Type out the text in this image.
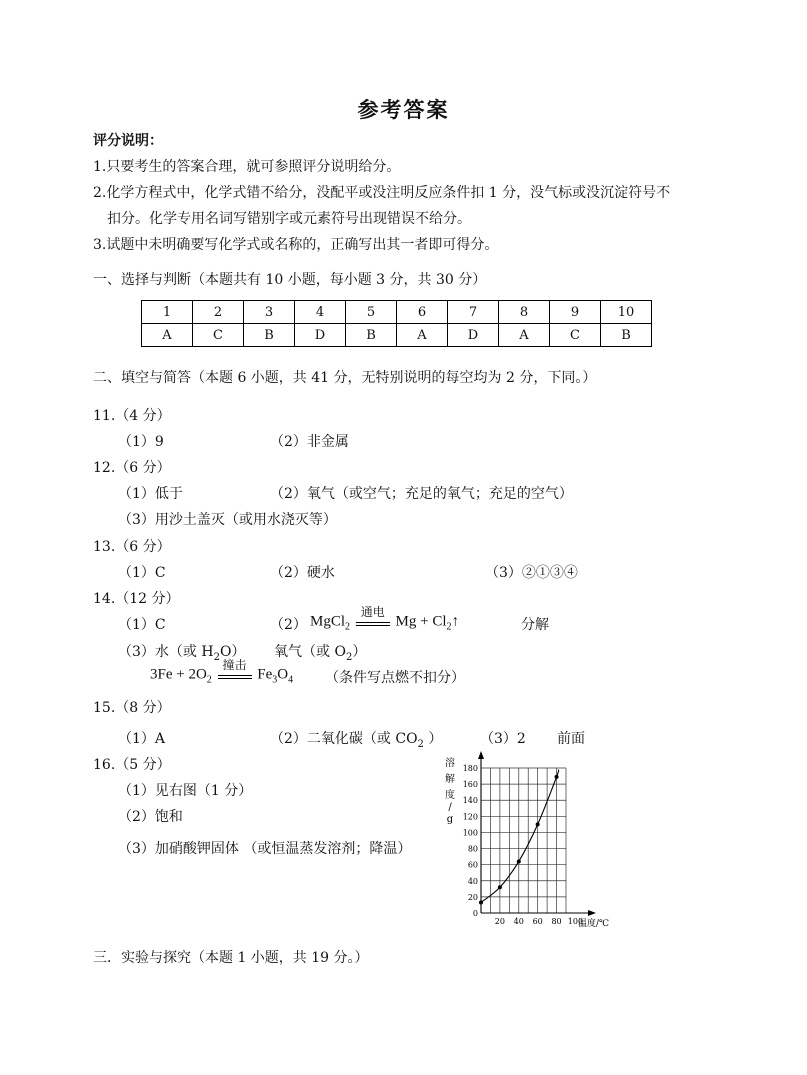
参考答案
评分说明：
1.只要考生的答案合理，就可参照评分说明给分。
2.化学方程式中，化学式错不给分，没配平或没注明反应条件扣 1 分，没气标或没沉淀符号不
扣分。化学专用名词写错别字或元素符号出现错误不给分。
3.试题中未明确要写化学式或名称的，正确写出其一者即可得分。
一、选择与判断（本题共有 10 小题，每小题 3 分，共 30 分）
1	2	3	4	5	6	7	8	9	10
A	C	B	D	B	A	D	A	C	B
二、填空与简答（本题 6 小题，共 41 分，无特别说明的每空均为 2 分，下同。）
11.（4 分）
（1）9	（2）非金属
12.（6 分）
（1）低于	（2）氧气（或空气；充足的氧气；充足的空气）
（3）用沙土盖灭（或用水浇灭等）
13.（6 分）
（1）C	（2）硬水	（3）②①③④
14.（12 分）
（1）C	（2） MgCl$_2$
通电
$Mg + Cl_2↑$	分解
（3）水（或 $H_2O$） 氧气（或 $O_2$）
$3Fe + 2O_2$
撞击
$Fe_3O_4$ （条件写点燃不扣分）
15.（8 分）
（1）A	（2）二氧化碳（或 $CO_2$ ）	（3）2 前面
16.（5 分）
（1）见右图（1 分）
（2）饱和
（3）加硝酸钾固体 （或恒温蒸发溶剂；降温）
溶
解
度
/
g
0
20
40
60
80
100
120
140
160
180
20 40 60 80 100
温度/℃
三．实验与探究（本题 1 小题，共 19 分。）
